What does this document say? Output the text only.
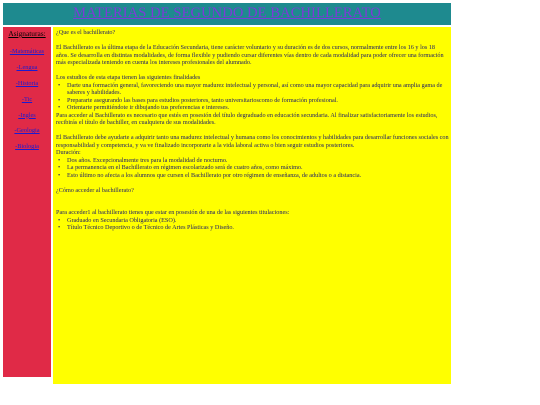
MATERIAS DE SEGUNDO DE BACHILLERATO
Asignaturas:
-Matemáticas
-Lengua
-Historia
-Tic
-Ingles
-Geologia
-Biologia

¿Que es el bachillerato?

El Bachillerato es la última etapa de la Educación Secundaria, tiene carácter voluntario y su duración es de dos cursos, normalmente entre los 16 y los 18 años. Se desarrolla en distintas modalidades, de forma flexible y pudiendo cursar diferentes vías dentro de cada modalidad para poder ofrecer una formación más especializada teniendo en cuenta los intereses profesionales del alumnado.

Los estudios de esta etapa tienen las siguientes finalidades

• Darte una formación general, favoreciendo una mayor madurez intelectual y personal, así como una mayor capacidad para adquirir una amplia gama de saberes y habilidades.

• Prepararte asegurando las bases para estudios posteriores, tanto universitarioscomo de formación profesional.

• Orientarte permitiéndote ir dibujando tus preferencias e intereses.

Para acceder al Bachillerato es necesario que estés en posesión del título degraduado en educación secundaria. Al finalizar satisfactoriamente los estudios, recibirás el título de bachiller, en cualquiera de sus modalidades.

El Bachillerato debe ayudarte a adquirir tanto una madurez intelectual y humana como los conocimientos y habilidades para desarrollar funciones sociales con responsabilidad y competencia, y va ve finalizado incorporarte a la vida laboral activa o bien seguir estudios posteriores.

Duración:

• Dos años. Excepcionalmente tres para la modalidad de nocturno.

• La permanencia en el Bachillerato en régimen escolarizado será de cuatro años, como máximo.

• Esto último no afecta a los alumnos que cursen el Bachillerato por otro régimen de enseñanza, de adultos o a distancia.

¿Cómo acceder al bachillerato?

Para acceder1 al bachillerato tienes que estar en posesión de una de las siguientes titulaciones:

• Graduado en Secundaria Obligatoria (ESO).

• Título Técnico Deportivo o de Técnico de Artes Plásticas y Diseño.
